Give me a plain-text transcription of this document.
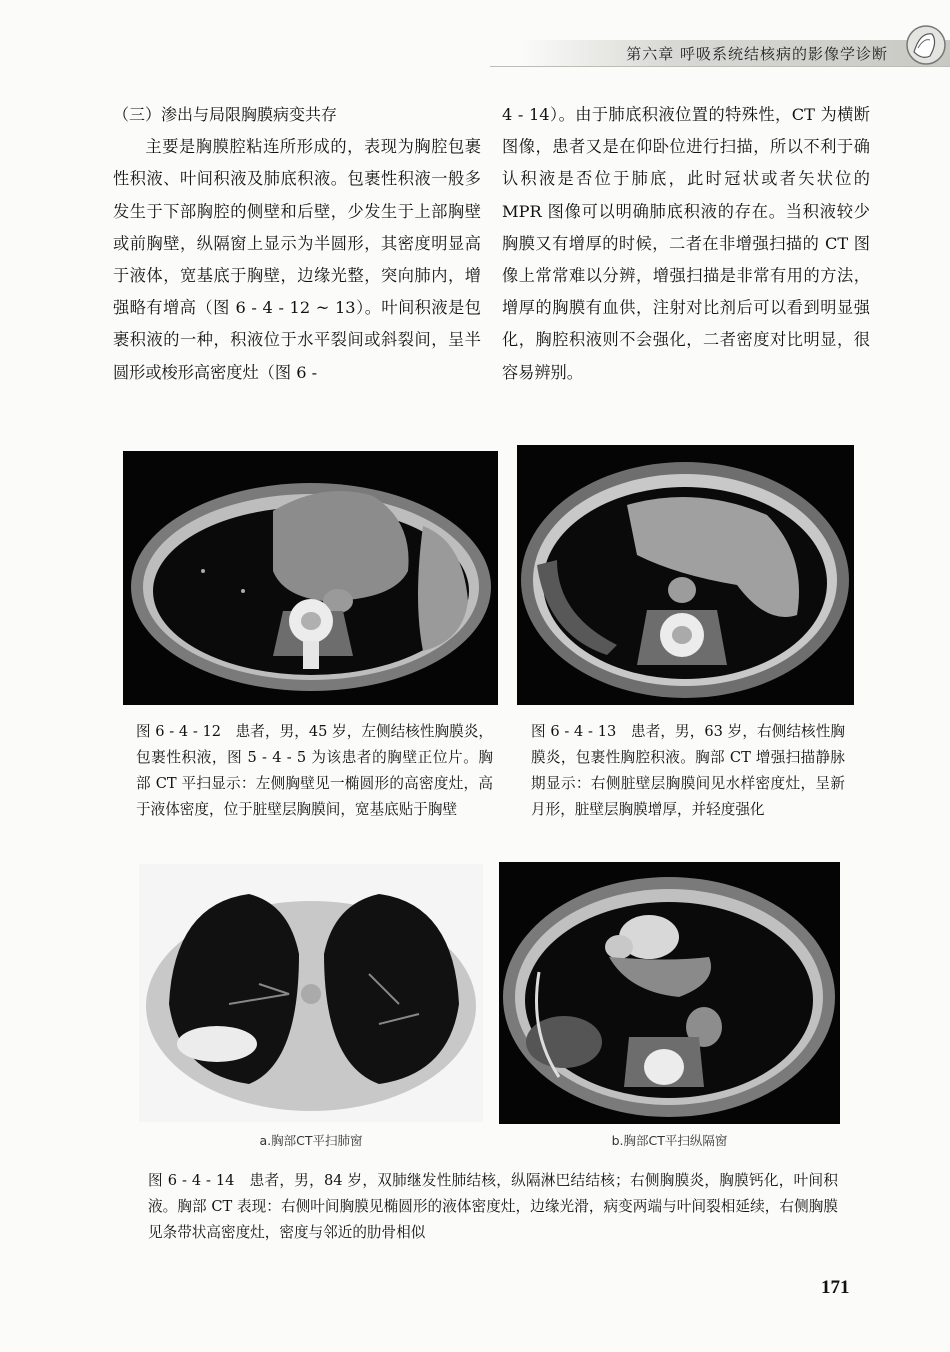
第六章 呼吸系统结核病的影像学诊断

（三）渗出与局限胸膜病变共存

主要是胸膜腔粘连所形成的，表现为胸腔包裹性积液、叶间积液及肺底积液。包裹性积液一般多发生于下部胸腔的侧壁和后壁，少发生于上部胸壁或前胸壁，纵隔窗上显示为半圆形，其密度明显高于液体，宽基底于胸壁，边缘光整，突向肺内，增强略有增高（图 6 - 4 - 12 ~ 13）。叶间积液是包裹积液的一种，积液位于水平裂间或斜裂间，呈半圆形或梭形高密度灶（图 6 -

4 - 14）。由于肺底积液位置的特殊性，CT 为横断图像，患者又是在仰卧位进行扫描，所以不利于确认积液是否位于肺底，此时冠状或者矢状位的 MPR 图像可以明确肺底积液的存在。当积液较少胸膜又有增厚的时候，二者在非增强扫描的 CT 图像上常常难以分辨，增强扫描是非常有用的方法，增厚的胸膜有血供，注射对比剂后可以看到明显强化，胸腔积液则不会强化，二者密度对比明显，很容易辨别。

图 6 - 4 - 12　患者，男，45 岁，左侧结核性胸膜炎，包裹性积液，图 5 - 4 - 5 为该患者的胸壁正位片。胸部 CT 平扫显示：左侧胸壁见一椭圆形的高密度灶，高于液体密度，位于脏壁层胸膜间，宽基底贴于胸壁
图 6 - 4 - 13　患者，男，63 岁，右侧结核性胸膜炎，包裹性胸腔积液。胸部 CT 增强扫描静脉期显示：右侧脏壁层胸膜间见水样密度灶，呈新月形，脏壁层胸膜增厚，并轻度强化
a.胸部CT平扫肺窗	b.胸部CT平扫纵隔窗
图 6 - 4 - 14　患者，男，84 岁，双肺继发性肺结核，纵隔淋巴结结核；右侧胸膜炎，胸膜钙化，叶间积液。胸部 CT 表现：右侧叶间胸膜见椭圆形的液体密度灶，边缘光滑，病变两端与叶间裂相延续，右侧胸膜见条带状高密度灶，密度与邻近的肋骨相似
171
